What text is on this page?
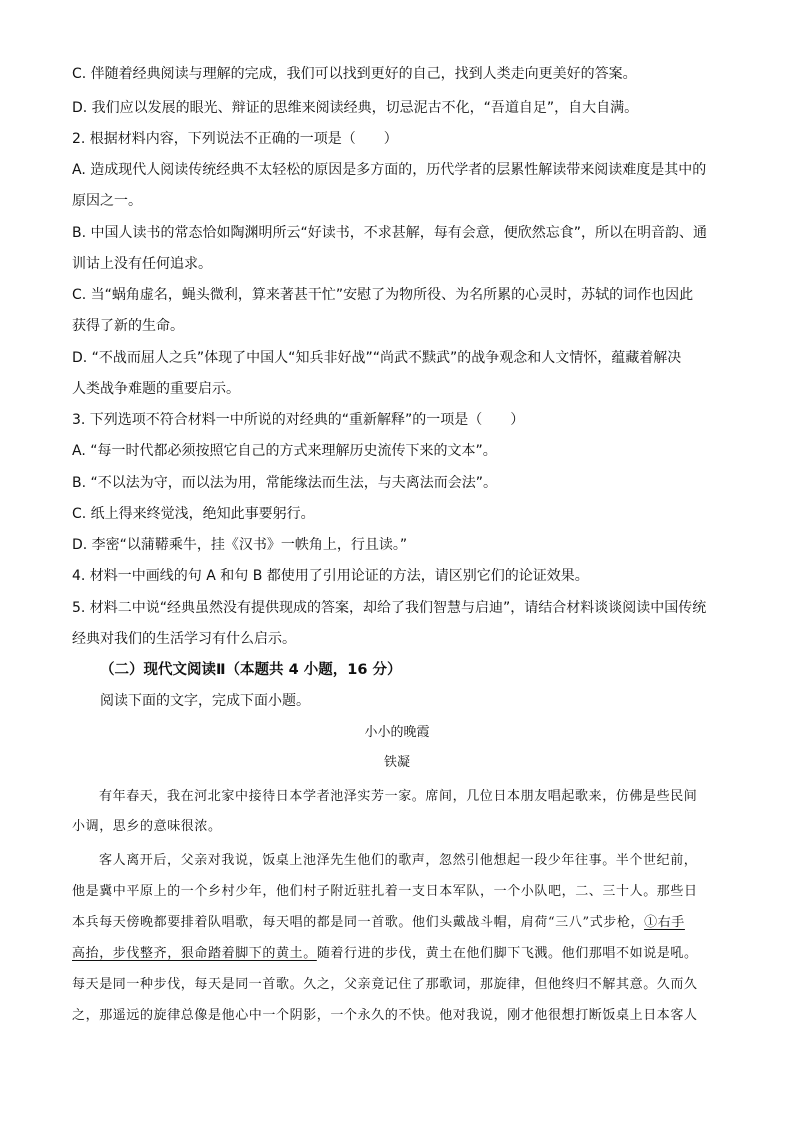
C. 伴随着经典阅读与理解的完成，我们可以找到更好的自己，找到人类走向更美好的答案。
D. 我们应以发展的眼光、辩证的思维来阅读经典，切忌泥古不化，“吾道自足”，自大自满。
2. 根据材料内容，下列说法不正确的一项是（　　）
A. 造成现代人阅读传统经典不太轻松的原因是多方面的，历代学者的层累性解读带来阅读难度是其中的
原因之一。
B. 中国人读书的常态恰如陶渊明所云“好读书，不求甚解，每有会意，便欣然忘食”，所以在明音韵、通
训诂上没有任何追求。
C. 当“蜗角虚名，蝇头微利，算来著甚干忙”安慰了为物所役、为名所累的心灵时，苏轼的词作也因此
获得了新的生命。
D. “不战而屈人之兵”体现了中国人“知兵非好战”“尚武不黩武”的战争观念和人文情怀，蕴藏着解决
人类战争难题的重要启示。
3. 下列选项不符合材料一中所说的对经典的“重新解释”的一项是（　　）
A. “每一时代都必须按照它自己的方式来理解历史流传下来的文本”。
B. “不以法为守，而以法为用，常能缘法而生法，与夫离法而会法”。
C. 纸上得来终觉浅，绝知此事要躬行。
D. 李密“以蒲鞯乘牛，挂《汉书》一帙角上，行且读。”
4. 材料一中画线的句 A 和句 B 都使用了引用论证的方法，请区别它们的论证效果。
5. 材料二中说“经典虽然没有提供现成的答案，却给了我们智慧与启迪”，请结合材料谈谈阅读中国传统
经典对我们的生活学习有什么启示。
（二）现代文阅读Ⅱ（本题共 4 小题，16 分）
阅读下面的文字，完成下面小题。
小小的晚霞
铁凝
有年春天，我在河北家中接待日本学者池泽实芳一家。席间，几位日本朋友唱起歌来，仿佛是些民间
小调，思乡的意味很浓。
客人离开后，父亲对我说，饭桌上池泽先生他们的歌声，忽然引他想起一段少年往事。半个世纪前，
他是冀中平原上的一个乡村少年，他们村子附近驻扎着一支日本军队，一个小队吧，二、三十人。那些日
本兵每天傍晚都要排着队唱歌，每天唱的都是同一首歌。他们头戴战斗帽，肩荷“三八”式步枪，①右手
高抬，步伐整齐，狠命踏着脚下的黄土。随着行进的步伐，黄土在他们脚下飞溅。他们那唱不如说是吼。
每天是同一种步伐，每天是同一首歌。久之，父亲竟记住了那歌词，那旋律，但他终归不解其意。久而久
之，那遥远的旋律总像是他心中一个阴影，一个永久的不快。他对我说，刚才他很想打断饭桌上日本客人
